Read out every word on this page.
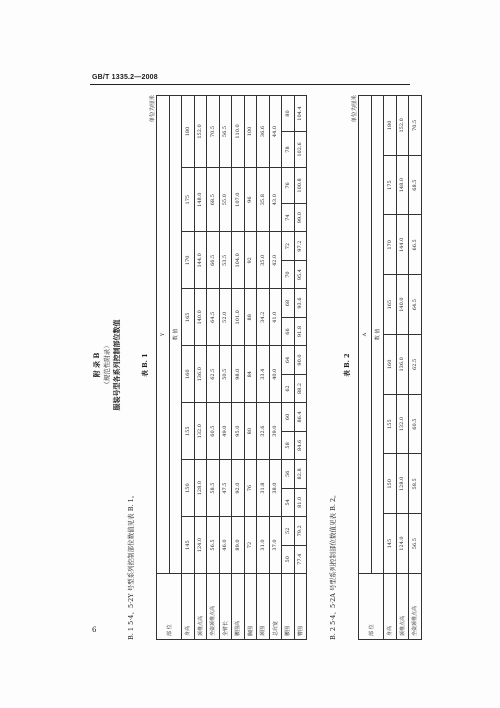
GB/T 1335.2—2008
附 录 B （规范性附录） 服装号型各系列控制部位数值
B. 1 5·4、5·2Y 号型系列控制部位数值见表 B. 1。
表 B. 1
单位为厘米
部 位	Y															
	数 值															

身高	145		150		155		160		165		170		175		180	
颈椎点高	124.0		128.0		132.0		136.0		140.0		144.0		148.0		152.0	
坐姿颈椎点高	56.5		58.5		60.5		62.5		64.5		66.5		68.5		70.5	
全臂长	46.0		47.5		49.0		50.5		52.0		53.5		55.0		56.5	
腰围高	89.0		92.0		95.0		98.0		101.0		104.0		107.0		110.0	
胸围	72		76		80		84		88		92		96		100	
颈围	31.0		31.8		32.6		33.4		34.2		35.0		35.8		36.6	
总肩宽	37.0		38.0		39.0		40.0		41.0		42.0		43.0		44.0	
腰围	50	52	54	56	58	60	62	64	66	68	70	72	74	76	78	80
臀围	77.4	79.2	81.0	82.8	84.6	86.4	88.2	90.0	91.8	93.6	95.4	97.2	99.0	100.8	102.6	104.4
B. 2 5·4、5·2A 号型系列控制部位数值见表 B. 2。
表 B. 2
单位为厘米
部 位	A							
	数 值							

身高	145	150	155	160	165	170	175	180
颈椎点高	124.0	128.0	132.0	136.0	140.0	144.0	148.0	152.0
坐姿颈椎点高	56.5	58.5	60.5	62.5	64.5	66.5	68.5	70.5
6
